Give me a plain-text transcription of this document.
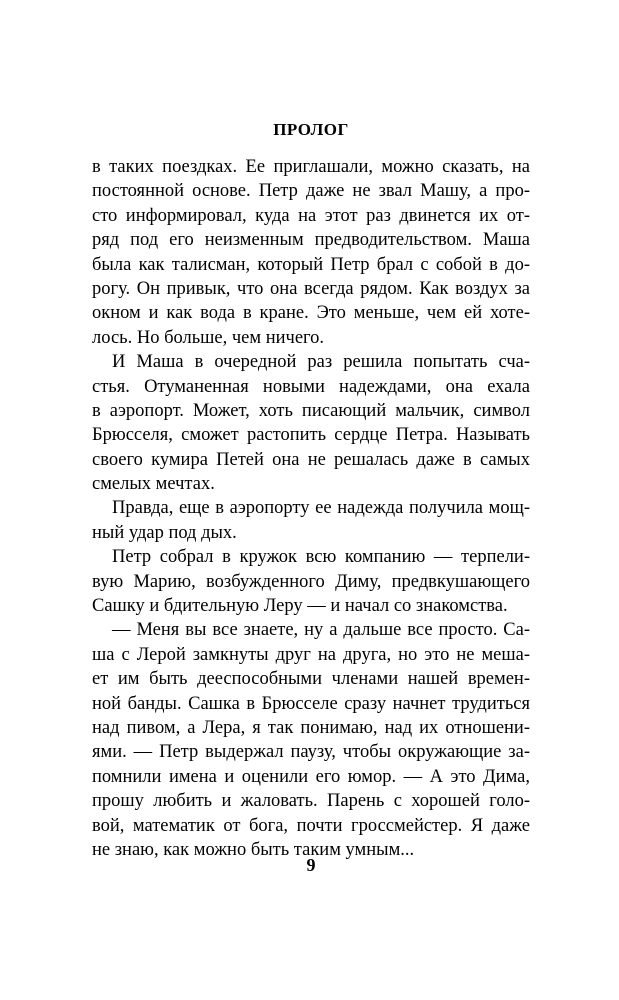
ПРОЛОГ
в таких поездках. Ее приглашали, можно сказать, на
постоянной основе. Петр даже не звал Машу, а про-
сто информировал, куда на этот раз двинется их от-
ряд под его неизменным предводительством. Маша
была как талисман, который Петр брал с собой в до-
рогу. Он привык, что она всегда рядом. Как воздух за
окном и как вода в кране. Это меньше, чем ей хоте-
лось. Но больше, чем ничего.
И Маша в очередной раз решила попытать сча-
стья. Отуманенная новыми надеждами, она ехала
в аэропорт. Может, хоть писающий мальчик, символ
Брюсселя, сможет растопить сердце Петра. Называть
своего кумира Петей она не решалась даже в самых
смелых мечтах.
Правда, еще в аэропорту ее надежда получила мощ-
ный удар под дых.
Петр собрал в кружок всю компанию — терпели-
вую Марию, возбужденного Диму, предвкушающего
Сашку и бдительную Леру — и начал со знакомства.
— Меня вы все знаете, ну а дальше все просто. Са-
ша с Лерой замкнуты друг на друга, но это не меша-
ет им быть дееспособными членами нашей времен-
ной банды. Сашка в Брюсселе сразу начнет трудиться
над пивом, а Лера, я так понимаю, над их отношени-
ями. — Петр выдержал паузу, чтобы окружающие за-
помнили имена и оценили его юмор. — А это Дима,
прошу любить и жаловать. Парень с хорошей голо-
вой, математик от бога, почти гроссмейстер. Я даже
не знаю, как можно быть таким умным...
9
